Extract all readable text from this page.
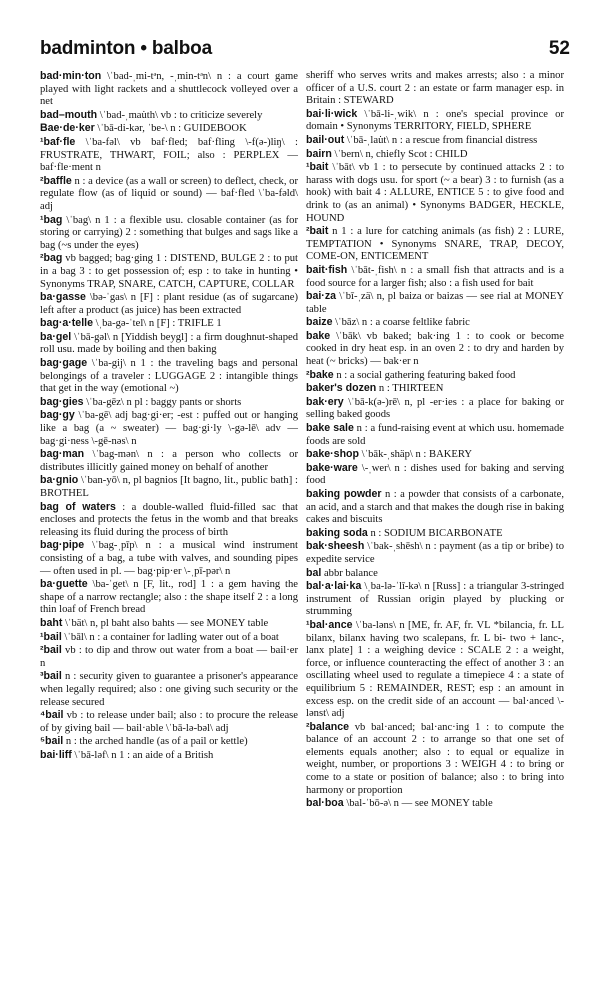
badminton • balboa	52

bad·min·ton \ˈbad-ˌmi-tᵊn, -ˌmin-tᵊn\ n : a court game played with light rackets and a shuttlecock volleyed over a net

bad–mouth \ˈbad-ˌmau̇th\ vb : to criticize severely

Bae·de·ker \ˈbā-di-kər, ˈbe-\ n : GUIDEBOOK

¹baf·fle \ˈba-fəl\ vb baf·fled; baf·fling \-f(ə-)liŋ\ : FRUSTRATE, THWART, FOIL; also : PERPLEX — baf·fle·ment n

²baffle n : a device (as a wall or screen) to deflect, check, or regulate flow (as of liquid or sound) — baf·fled \ˈba-fəld\ adj

¹bag \ˈbag\ n 1 : a flexible usu. closable container (as for storing or carrying) 2 : something that bulges and sags like a bag (~s under the eyes)

²bag vb bagged; bag·ging 1 : DISTEND, BULGE 2 : to put in a bag 3 : to get possession of; esp : to take in hunting • Synonyms TRAP, SNARE, CATCH, CAPTURE, COLLAR

ba·gasse \bə-ˈgas\ n [F] : plant residue (as of sugarcane) left after a product (as juice) has been extracted

bag·a·telle \ˌba-gə-ˈtel\ n [F] : TRIFLE 1

ba·gel \ˈbā-gəl\ n [Yiddish beygl] : a firm doughnut-shaped roll usu. made by boiling and then baking

bag·gage \ˈba-gij\ n 1 : the traveling bags and personal belongings of a traveler : LUGGAGE 2 : intangible things that get in the way (emotional ~)

bag·gies \ˈba-gēz\ n pl : baggy pants or shorts

bag·gy \ˈba-gē\ adj bag·gi·er; -est : puffed out or hanging like a bag (a ~ sweater) — bag·gi·ly \-gə-lē\ adv — bag·gi·ness \-gē-nəs\ n

bag·man \ˈbag-mən\ n : a person who collects or distributes illicitly gained money on behalf of another

ba·gnio \ˈban-yō\ n, pl bagnios [It bagno, lit., public bath] : BROTHEL

bag of waters : a double-walled fluid-filled sac that encloses and protects the fetus in the womb and that breaks releasing its fluid during the process of birth

bag·pipe \ˈbag-ˌpīp\ n : a musical wind instrument consisting of a bag, a tube with valves, and sounding pipes — often used in pl. — bag·pip·er \-ˌpī-pər\ n

ba·guette \ba-ˈget\ n [F, lit., rod] 1 : a gem having the shape of a narrow rectangle; also : the shape itself 2 : a long thin loaf of French bread

baht \ˈbät\ n, pl baht also bahts — see MONEY table

¹bail \ˈbāl\ n : a container for ladling water out of a boat

²bail vb : to dip and throw out water from a boat — bail·er n

³bail n : security given to guarantee a prisoner's appearance when legally required; also : one giving such security or the release secured

⁴bail vb : to release under bail; also : to procure the release of by giving bail — bail·able \ˈbā-lə-bəl\ adj

⁵bail n : the arched handle (as of a pail or kettle)

bai·liff \ˈbā-ləf\ n 1 : an aide of a British

sheriff who serves writs and makes arrests; also : a minor officer of a U.S. court 2 : an estate or farm manager esp. in Britain : STEWARD

bai·li·wick \ˈbā-li-ˌwik\ n : one's special province or domain • Synonyms TERRITORY, FIELD, SPHERE

bail·out \ˈbā-ˌlau̇t\ n : a rescue from financial distress

bairn \ˈbern\ n, chiefly Scot : CHILD

¹bait \ˈbāt\ vb 1 : to persecute by continued attacks 2 : to harass with dogs usu. for sport (~ a bear) 3 : to furnish (as a hook) with bait 4 : ALLURE, ENTICE 5 : to give food and drink to (as an animal) • Synonyms BADGER, HECKLE, HOUND

²bait n 1 : a lure for catching animals (as fish) 2 : LURE, TEMPTATION • Synonyms SNARE, TRAP, DECOY, COME-ON, ENTICEMENT

bait·fish \ˈbāt-ˌfish\ n : a small fish that attracts and is a food source for a larger fish; also : a fish used for bait

bai·za \ˈbī-ˌzä\ n, pl baiza or baizas — see rial at MONEY table

baize \ˈbāz\ n : a coarse feltlike fabric

bake \ˈbāk\ vb baked; bak·ing 1 : to cook or become cooked in dry heat esp. in an oven 2 : to dry and harden by heat (~ bricks) — bak·er n

²bake n : a social gathering featuring baked food

baker's dozen n : THIRTEEN

bak·ery \ˈbā-k(ə-)rē\ n, pl -er·ies : a place for baking or selling baked goods

bake sale n : a fund-raising event at which usu. homemade foods are sold

bake·shop \ˈbāk-ˌshäp\ n : BAKERY

bake·ware \-ˌwer\ n : dishes used for baking and serving food

baking powder n : a powder that consists of a carbonate, an acid, and a starch and that makes the dough rise in baking cakes and biscuits

baking soda n : SODIUM BICARBONATE

bak·sheesh \ˈbak-ˌshēsh\ n : payment (as a tip or bribe) to expedite service

bal abbr balance

bal·a·lai·ka \ˌba-lə-ˈlī-kə\ n [Russ] : a triangular 3-stringed instrument of Russian origin played by plucking or strumming

¹bal·ance \ˈba-ləns\ n [ME, fr. AF, fr. VL *bilancia, fr. LL bilanx, bilanx having two scalepans, fr. L bi- two + lanc-, lanx plate] 1 : a weighing device : SCALE 2 : a weight, force, or influence counteracting the effect of another 3 : an oscillating wheel used to regulate a timepiece 4 : a state of equilibrium 5 : REMAINDER, REST; esp : an amount in excess esp. on the credit side of an account — bal·anced \-lənst\ adj

²balance vb bal·anced; bal·anc·ing 1 : to compute the balance of an account 2 : to arrange so that one set of elements equals another; also : to equal or equalize in weight, number, or proportions 3 : WEIGH 4 : to bring or come to a state or position of balance; also : to bring into harmony or proportion

bal·boa \bal-ˈbō-ə\ n — see MONEY table
